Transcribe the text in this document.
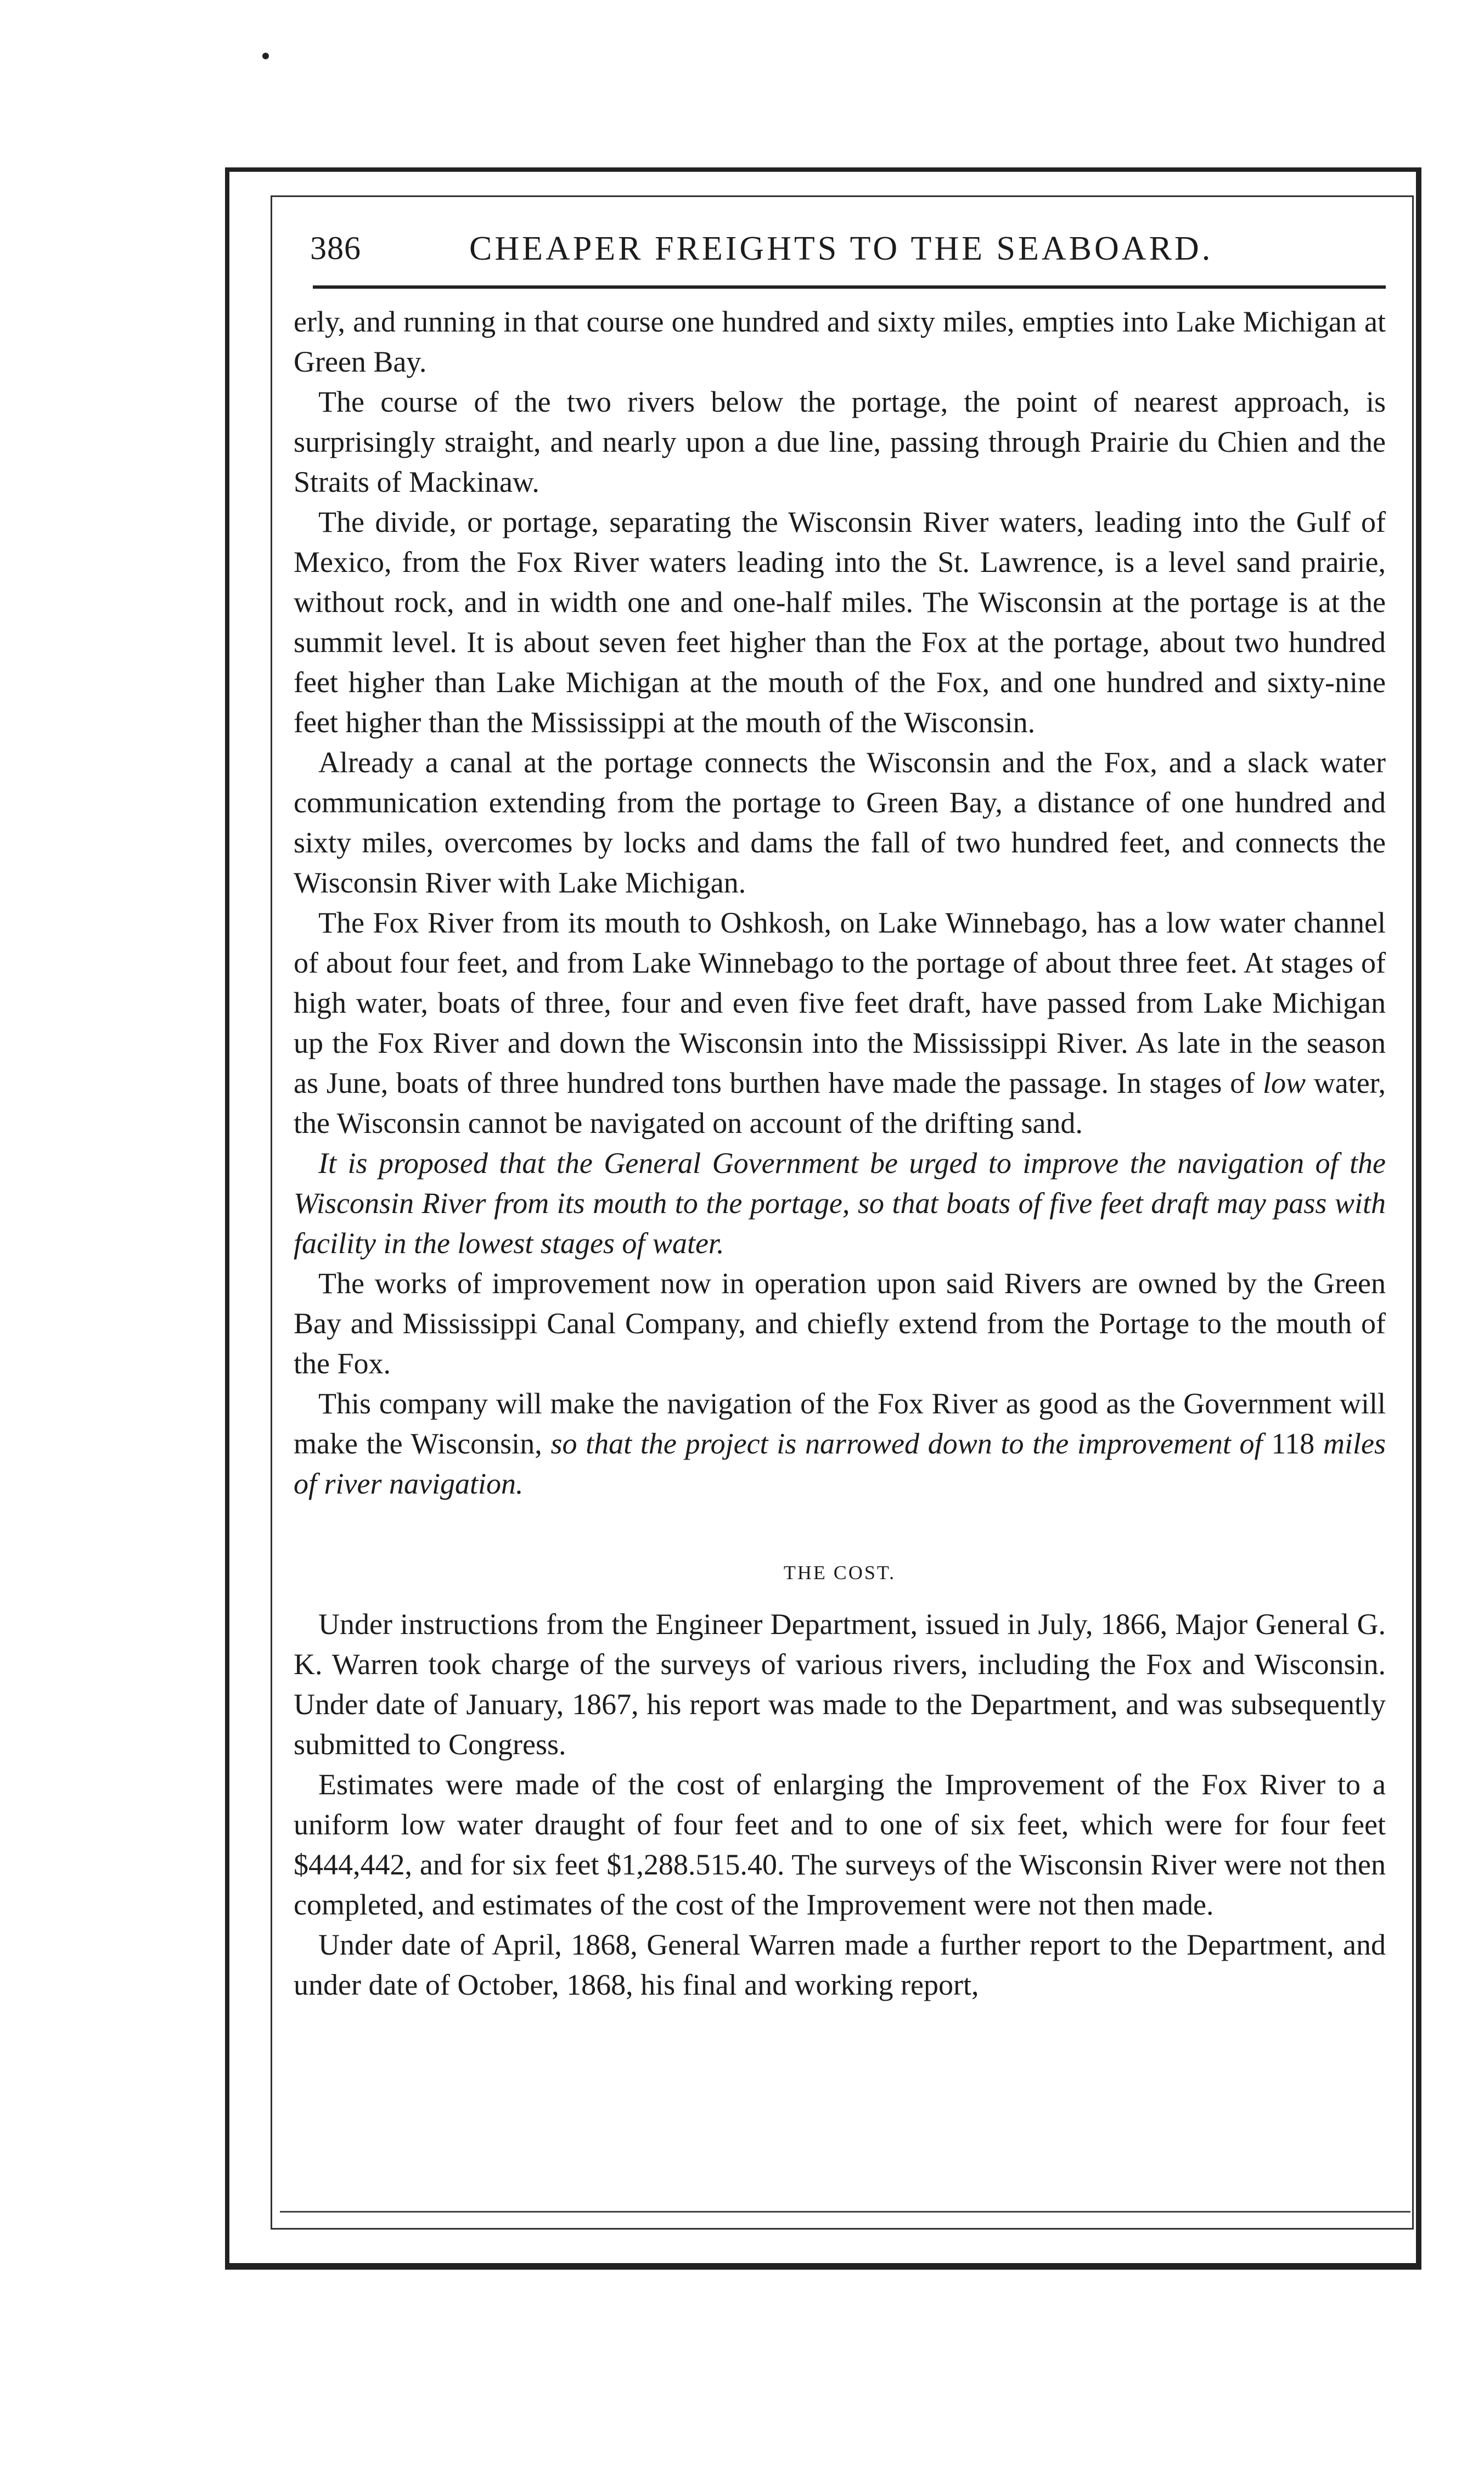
386	CHEAPER FREIGHTS TO THE SEABOARD.

erly, and running in that course one hundred and sixty miles, empties into Lake Michigan at Green Bay.

The course of the two rivers below the portage, the point of nearest approach, is surprisingly straight, and nearly upon a due line, passing through Prairie du Chien and the Straits of Mackinaw.

The divide, or portage, separating the Wisconsin River waters, leading into the Gulf of Mexico, from the Fox River waters leading into the St. Lawrence, is a level sand prairie, without rock, and in width one and one-half miles. The Wisconsin at the portage is at the summit level. It is about seven feet higher than the Fox at the portage, about two hundred feet higher than Lake Michigan at the mouth of the Fox, and one hundred and sixty-nine feet higher than the Mississippi at the mouth of the Wisconsin.

Already a canal at the portage connects the Wisconsin and the Fox, and a slack water communication extending from the portage to Green Bay, a distance of one hundred and sixty miles, overcomes by locks and dams the fall of two hundred feet, and connects the Wisconsin River with Lake Michigan.

The Fox River from its mouth to Oshkosh, on Lake Winnebago, has a low water channel of about four feet, and from Lake Winnebago to the portage of about three feet. At stages of high water, boats of three, four and even five feet draft, have passed from Lake Michigan up the Fox River and down the Wisconsin into the Mississippi River. As late in the season as June, boats of three hundred tons burthen have made the passage. In stages of low water, the Wisconsin cannot be navigated on account of the drifting sand.

It is proposed that the General Government be urged to improve the navigation of the Wisconsin River from its mouth to the portage, so that boats of five feet draft may pass with facility in the lowest stages of water.

The works of improvement now in operation upon said Rivers are owned by the Green Bay and Mississippi Canal Company, and chiefly extend from the Portage to the mouth of the Fox.

This company will make the navigation of the Fox River as good as the Government will make the Wisconsin, so that the project is narrowed down to the improvement of 118 miles of river navigation.

THE COST.

Under instructions from the Engineer Department, issued in July, 1866, Major General G. K. Warren took charge of the surveys of various rivers, including the Fox and Wisconsin. Under date of January, 1867, his report was made to the Department, and was subsequently submitted to Congress.

Estimates were made of the cost of enlarging the Improvement of the Fox River to a uniform low water draught of four feet and to one of six feet, which were for four feet $444,442, and for six feet $1,288.515.40. The surveys of the Wisconsin River were not then completed, and estimates of the cost of the Improvement were not then made.

Under date of April, 1868, General Warren made a further report to the Department, and under date of October, 1868, his final and working report,
